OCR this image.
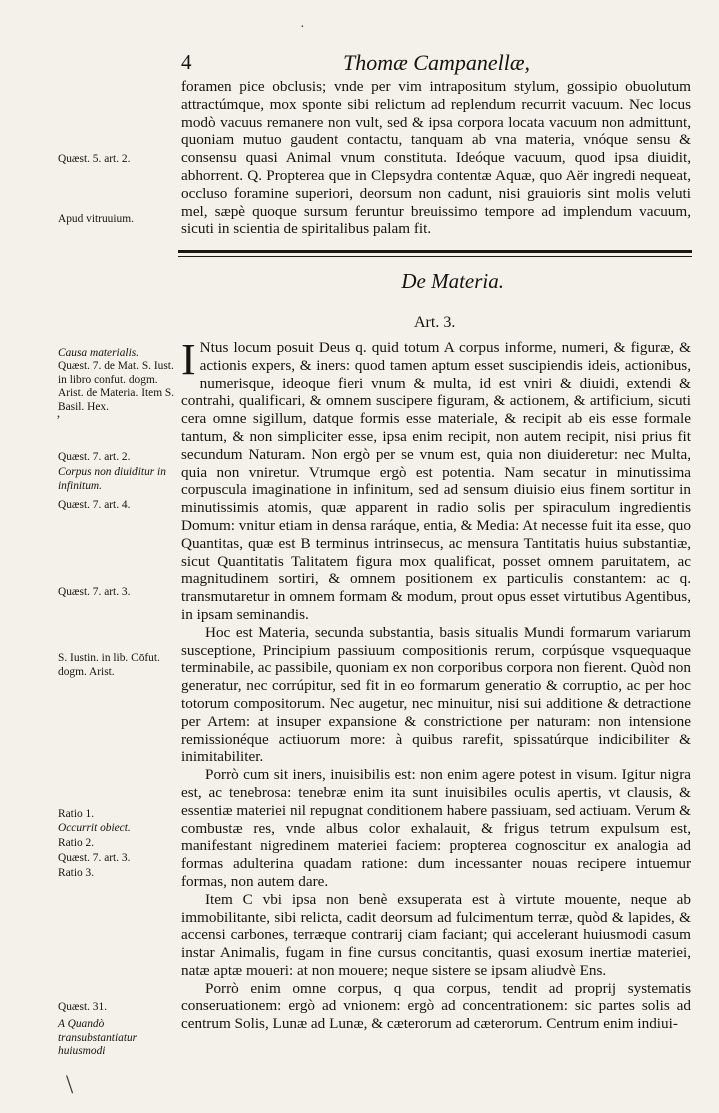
4	Thomæ Campanellæ,

foramen pice obclusis; vnde per vim intrapositum stylum, gossipio obuolutum attractúmque, mox sponte sibi relictum ad replendum recurrit vacuum. Nec locus modò vacuus remanere non vult, sed & ipsa corpora locata vacuum non admittunt, quoniam mutuo gaudent contactu, tanquam ab vna materia, vnóque sensu & consensu quasi Animal vnum constituta. Ideóque vacuum, quod ipsa diuidit, abhorrent. Q. Propterea que in Clepsydra contentæ Aquæ, quo Aër ingredi nequeat, occluso foramine superiori, deorsum non cadunt, nisi grauioris sint molis veluti mel, sæpè quoque sursum feruntur breuissimo tempore ad implendum vacuum, sicuti in scientia de spiritalibus palam fit.

Quæst. 5. art. 2.
Apud vitruuium.
De Materia.
Art. 3.

I Ntus locum posuit Deus q. quid totum A corpus informe, numeri, & figuræ, & actionis expers, & iners: quod tamen aptum esset suscipiendis ideis, actionibus, numerisque, ideoque fieri vnum & multa, id est vniri & diuidi, extendi & contrahi, qualificari, & omnem suscipere figuram, & actionem, & artificium, sicuti cera omne sigillum, datque formis esse materiale, & recipit ab eis esse formale tantum, & non simpliciter esse, ipsa enim recipit, non autem recipit, nisi prius fit secundum Naturam. Non ergò per se vnum est, quia non diuideretur: nec Multa, quia non vniretur. Vtrumque ergò est potentia. Nam secatur in minutissima corpuscula imaginatione in infinitum, sed ad sensum diuisio eius finem sortitur in minutissimis atomis, quæ apparent in radio solis per spiraculum ingredientis Domum: vnitur etiam in densa raráque, entia, & Media: At necesse fuit ita esse, quo Quantitas, quæ est B terminus intrinsecus, ac mensura Tantitatis huius substantiæ, sicut Quantitatis Talitatem figura mox qualificat, posset omnem paruitatem, ac magnitudinem sortiri, & omnem positionem ex particulis constantem: ac q. transmutaretur in omnem formam & modum, prout opus esset virtutibus Agentibus, in ipsam seminandis.

Hoc est Materia, secunda substantia, basis situalis Mundi formarum variarum susceptione, Principium passiuum compositionis rerum, corpúsque vsquequaque terminabile, ac passibile, quoniam ex non corporibus corpora non fierent. Quòd non generatur, nec corrúpitur, sed fit in eo formarum generatio & corruptio, ac per hoc totorum compositorum. Nec augetur, nec minuitur, nisi sui additione & detractione per Artem: at insuper expansione & constrictione per naturam: non intensione remissionéque actiuorum more: à quibus rarefit, spissatúrque indicibiliter & inimitabiliter.

Porrò cum sit iners, inuisibilis est: non enim agere potest in visum. Igitur nigra est, ac tenebrosa: tenebræ enim ita sunt inuisibiles oculis apertis, vt clausis, & essentiæ materiei nil repugnat conditionem habere passiuam, sed actiuam. Verum & combustæ res, vnde albus color exhalauit, & frigus tetrum expulsum est, manifestant nigredinem materiei faciem: propterea cognoscitur ex analogia ad formas adulterina quadam ratione: dum incessanter nouas recipere intuemur formas, non autem dare.

Item C vbi ipsa non benè exsuperata est à virtute mouente, neque ab immobilitante, sibi relicta, cadit deorsum ad fulcimentum terræ, quòd & lapides, & accensi carbones, terræque contrarij ciam faciant; qui accelerant huiusmodi casum instar Animalis, fugam in fine cursus concitantis, quasi exosum inertiæ materiei, natæ aptæ moueri: at non mouere; neque sistere se ipsam aliudvè Ens.

Porrò enim omne corpus, q qua corpus, tendit ad proprij systematis conseruationem: ergò ad vnionem: ergò ad concentrationem: sic partes solis ad centrum Solis, Lunæ ad Lunæ, & cæterorum ad cæterorum. Centrum enim indiui-

Causa materialis.
Quæst. 7. de Mat. S. Iust. in libro confut. dogm. Arist. de Materia. Item S. Basil. Hex.
Quæst. 7. art. 2.
Corpus non diuiditur in infinitum.
Quæst. 7. art. 4.
Quæst. 7. art. 3.
S. Iustin. in lib. Cōfut. dogm. Arist.
Ratio 1.
Occurrit obiect.
Ratio 2.
Quæst. 7. art. 3.
Ratio 3.
Quæst. 31.
A Quandò transubstantiatur huiusmodi
·
‚
\
